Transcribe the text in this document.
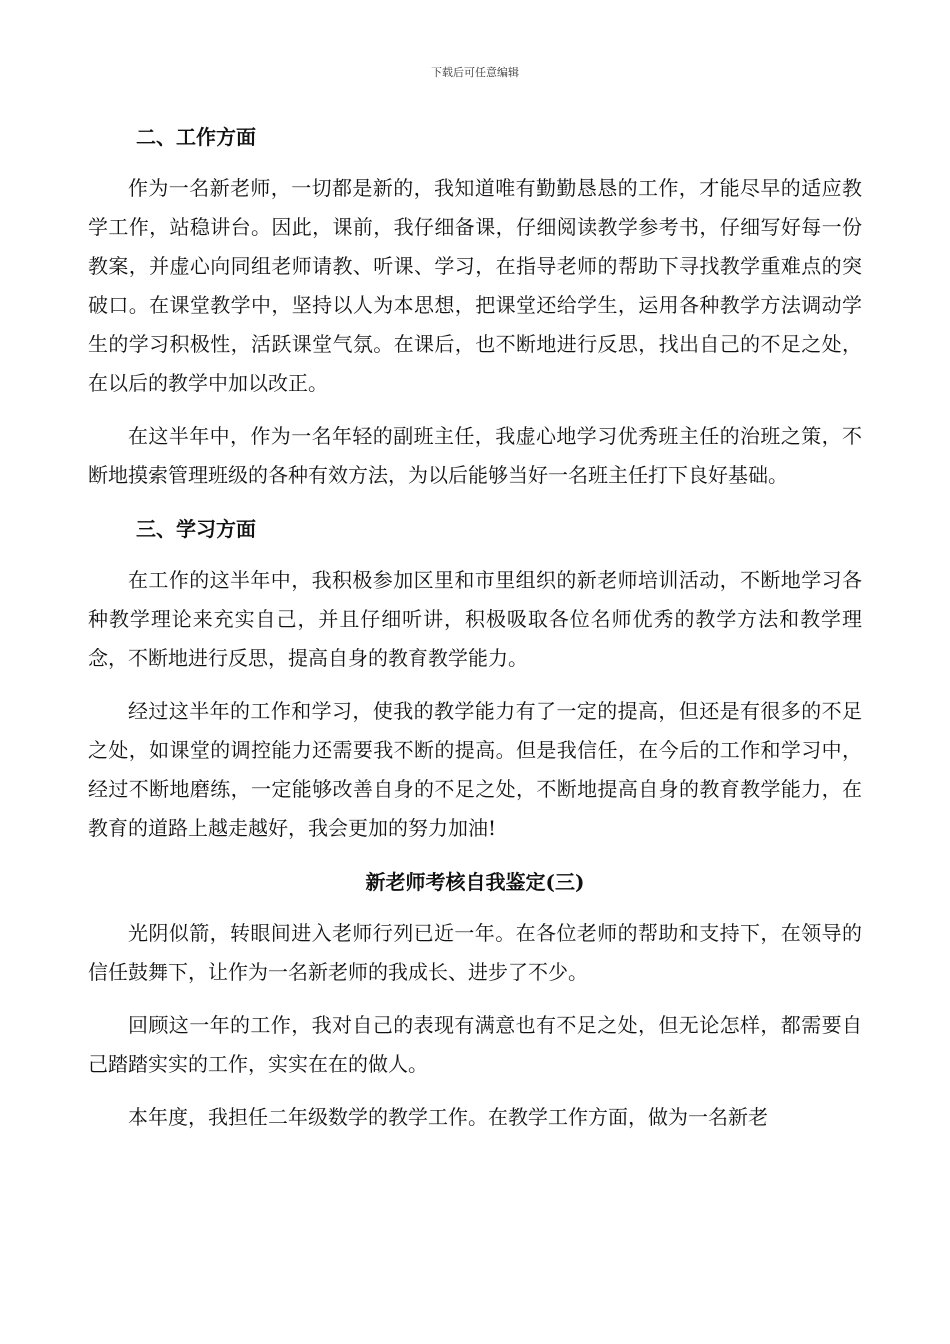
下载后可任意编辑
二、工作方面

作为一名新老师，一切都是新的，我知道唯有勤勤恳恳的工作，才能尽早的适应教学工作，站稳讲台。因此，课前，我仔细备课，仔细阅读教学参考书，仔细写好每一份教案，并虚心向同组老师请教、听课、学习，在指导老师的帮助下寻找教学重难点的突破口。在课堂教学中，坚持以人为本思想，把课堂还给学生，运用各种教学方法调动学生的学习积极性，活跃课堂气氛。在课后，也不断地进行反思，找出自己的不足之处，在以后的教学中加以改正。

在这半年中，作为一名年轻的副班主任，我虚心地学习优秀班主任的治班之策，不断地摸索管理班级的各种有效方法，为以后能够当好一名班主任打下良好基础。

三、学习方面

在工作的这半年中，我积极参加区里和市里组织的新老师培训活动，不断地学习各种教学理论来充实自己，并且仔细听讲，积极吸取各位名师优秀的教学方法和教学理念，不断地进行反思，提高自身的教育教学能力。

经过这半年的工作和学习，使我的教学能力有了一定的提高，但还是有很多的不足之处，如课堂的调控能力还需要我不断的提高。但是我信任，在今后的工作和学习中，经过不断地磨练，一定能够改善自身的不足之处，不断地提高自身的教育教学能力，在教育的道路上越走越好，我会更加的努力加油!

新老师考核自我鉴定(三)

光阴似箭，转眼间进入老师行列已近一年。在各位老师的帮助和支持下，在领导的信任鼓舞下，让作为一名新老师的我成长、进步了不少。

回顾这一年的工作，我对自己的表现有满意也有不足之处，但无论怎样，都需要自己踏踏实实的工作，实实在在的做人。

本年度，我担任二年级数学的教学工作。在教学工作方面，做为一名新老
